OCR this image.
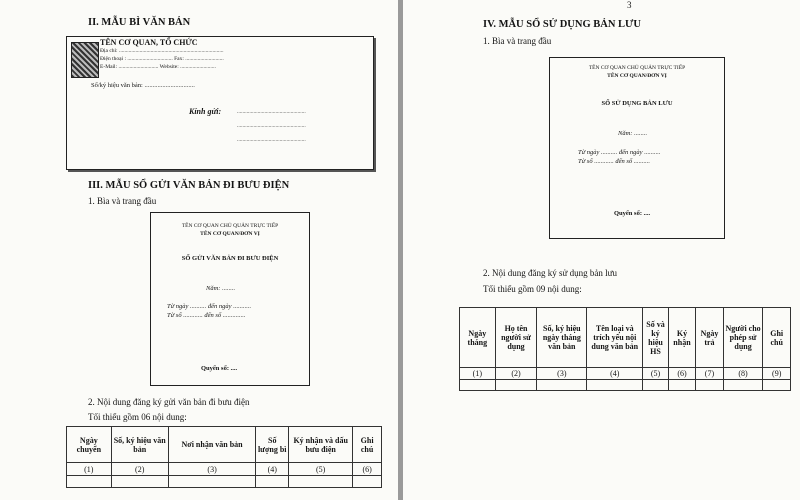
II. MẪU BÌ VĂN BẢN
TÊN CƠ QUAN, TỔ CHỨC
Địa chỉ: ............................................................................
Điện thoại : ................................. Fax: ............................
E-Mail: ............................. Website: ..........................
Số/ký hiệu văn bản: ...............................
Kính gửi:	..................................................
..................................................
..................................................
III. MẪU SỔ GỬI VĂN BẢN ĐI BƯU ĐIỆN
1. Bìa và trang đầu
TÊN CƠ QUAN CHỦ QUẢN TRỰC TIẾP
TÊN CƠ QUAN/ĐƠN VỊ
SỔ GỬI VĂN BẢN ĐI BƯU ĐIỆN
Năm: ........
Từ ngày .......... đến ngày ...........
Từ số ............ đến số ..............
Quyển số: ....
2. Nội dung đăng ký gửi văn bản đi bưu điện
Tối thiểu gồm 06 nội dung:
Ngày chuyển	Số, ký hiệu văn bản	Nơi nhận văn bản	Số lượng bì	Ký nhận và dấu bưu điện	Ghi chú
(1)	(2)	(3)	(4)	(5)	(6)

3
IV. MẪU SỔ SỬ DỤNG BẢN LƯU
1. Bìa và trang đầu
TÊN CƠ QUAN CHỦ QUẢN TRỰC TIẾP
TÊN CƠ QUAN/ĐƠN VỊ
SỔ SỬ DỤNG BẢN LƯU
Năm: ........
Từ ngày .......... đến ngày ..........
Từ số ............ đến số ..........
Quyển số: ....
2. Nội dung đăng ký sử dụng bản lưu
Tối thiểu gồm 09 nội dung:
Ngày tháng	Họ tên người sử dụng	Số, ký hiệu ngày tháng văn bản	Tên loại và trích yếu nội dung văn bản	Số và ký hiệu HS	Ký nhận	Ngày trả	Người cho phép sử dụng	Ghi chú
(1)	(2)	(3)	(4)	(5)	(6)	(7)	(8)	(9)
